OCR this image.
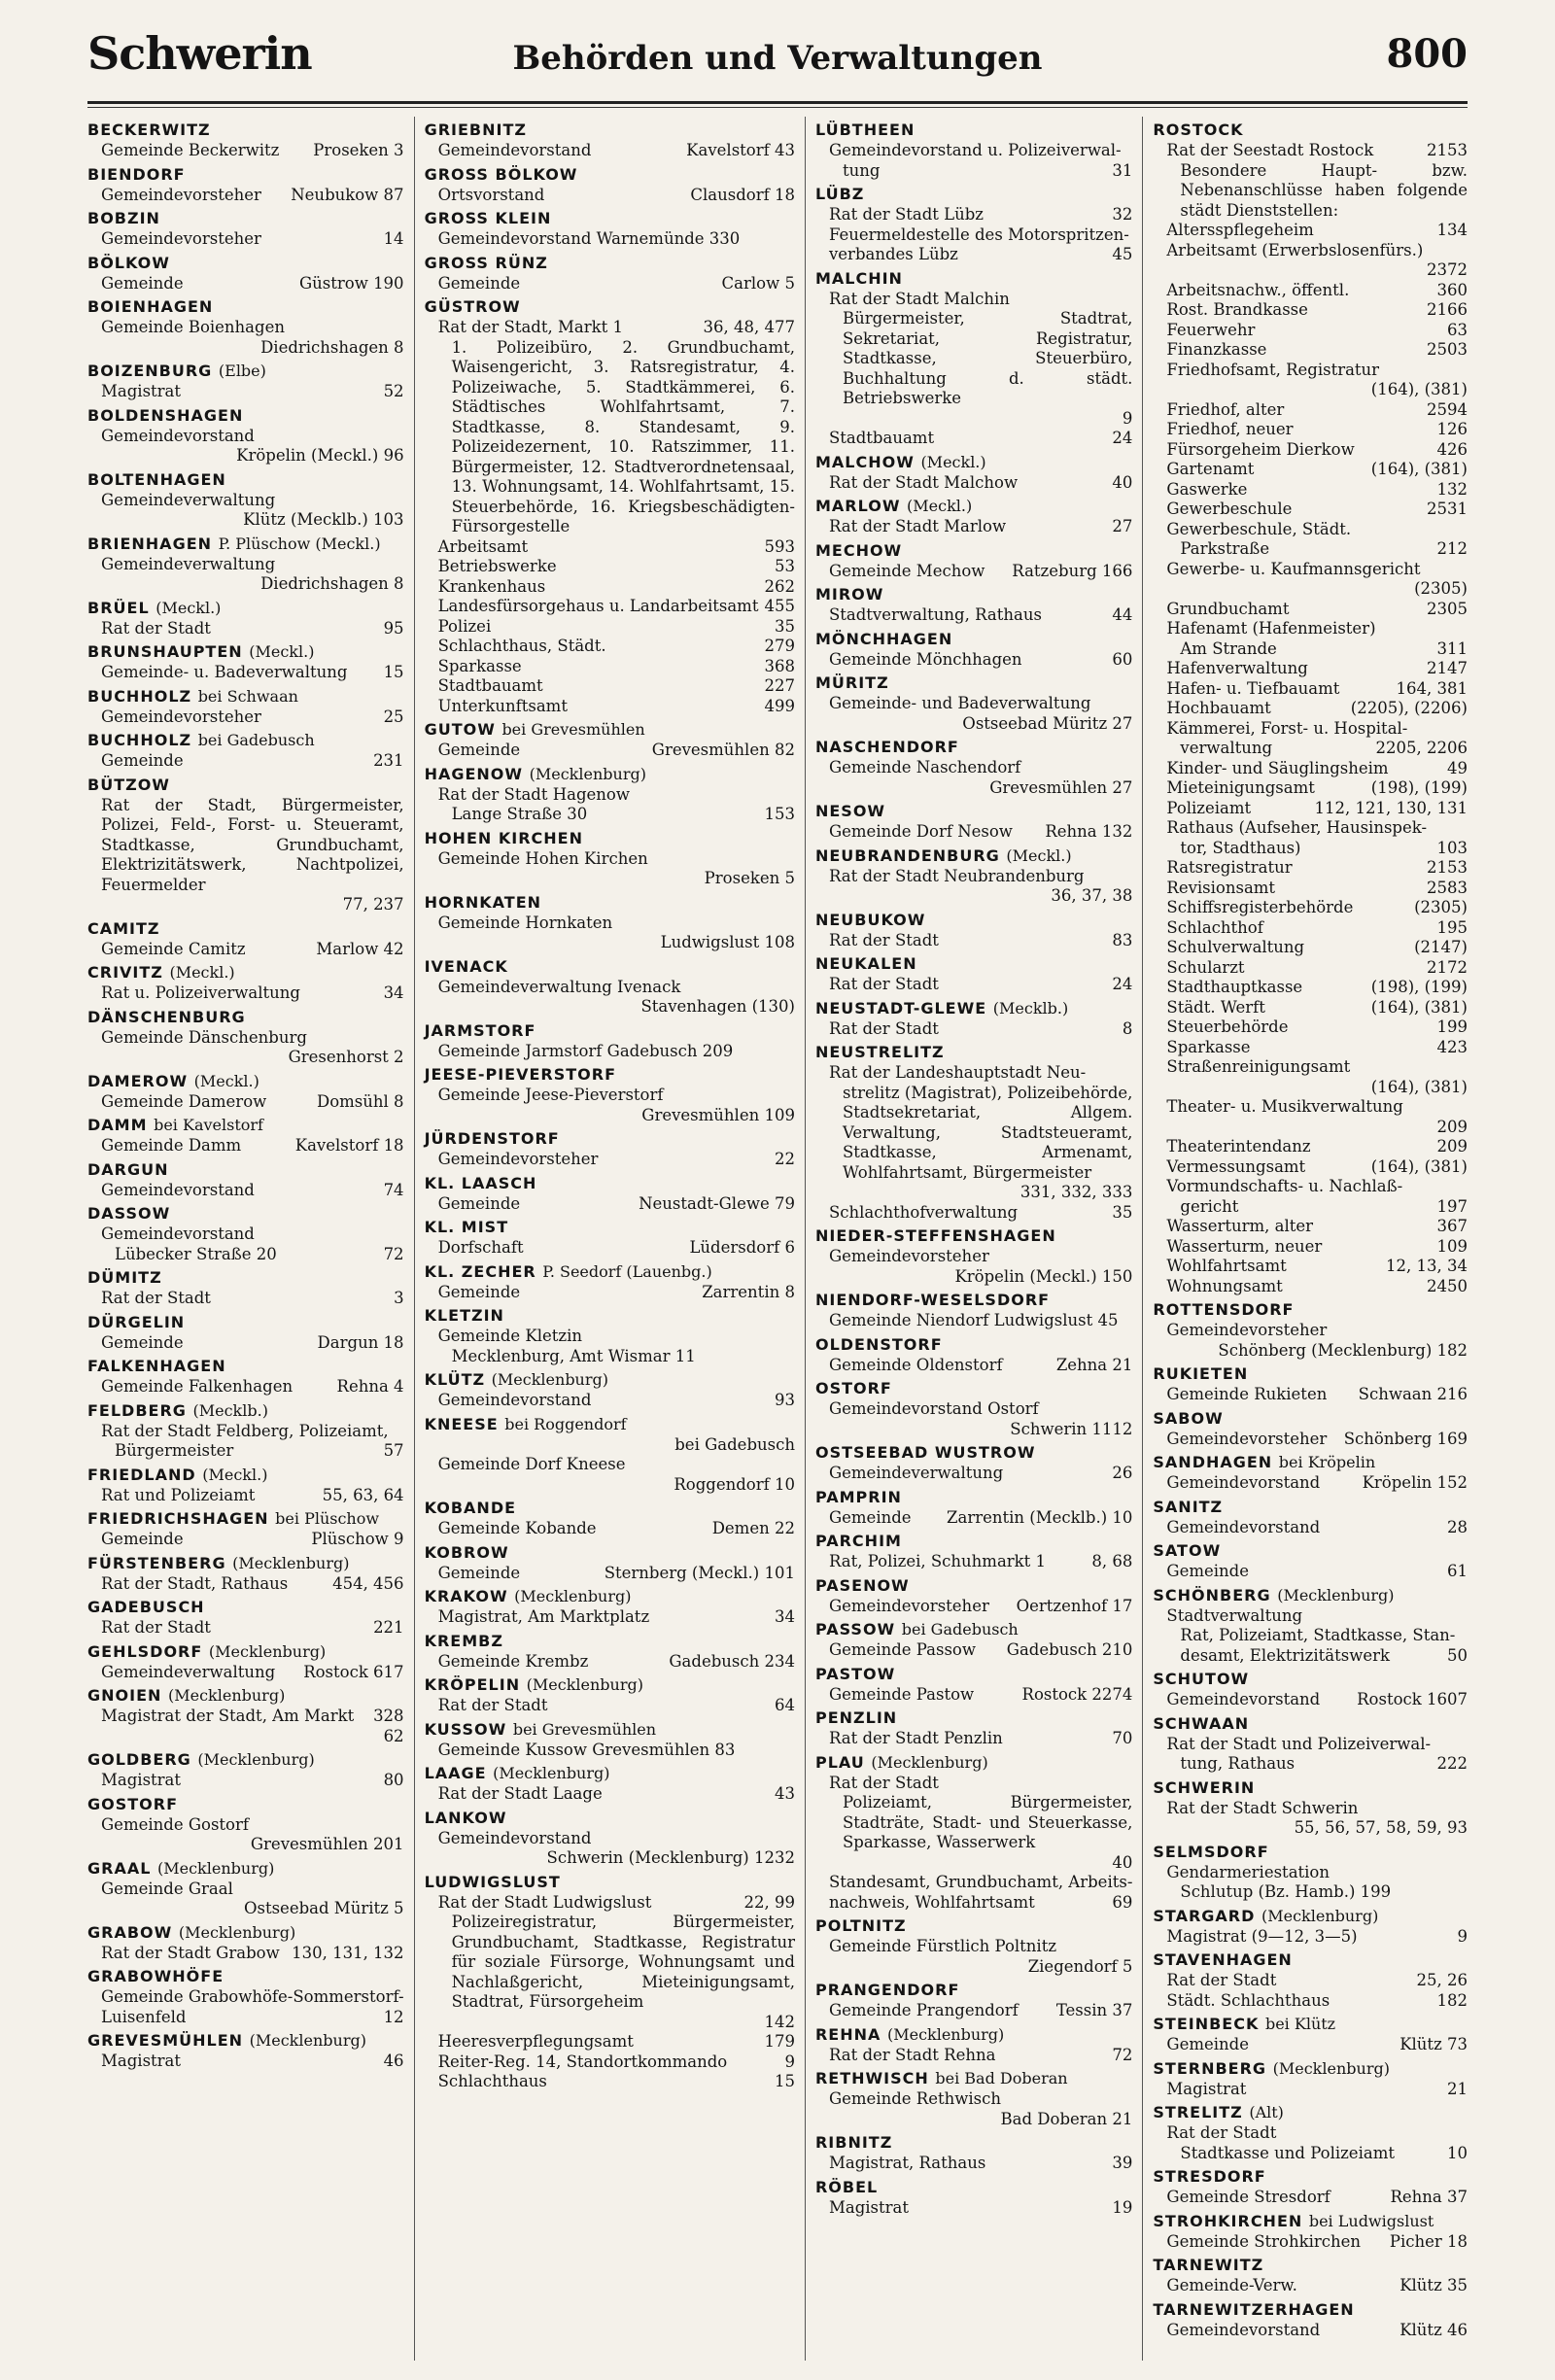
Schwerin	Behörden und Verwaltungen	800
BECKERWITZ
Gemeinde Beckerwitz	Proseken 3
BIENDORF
Gemeindevorsteher	Neubukow 87
BOBZIN
Gemeindevorsteher	14
BÖLKOW
Gemeinde	Güstrow 190
BOIENHAGEN
Gemeinde Boienhagen
Diedrichshagen 8
BOIZENBURG (Elbe)
Magistrat	52
BOLDENSHAGEN
Gemeindevorstand
Kröpelin (Meckl.) 96
BOLTENHAGEN
Gemeindeverwaltung
Klütz (Mecklb.) 103
BRIENHAGEN P. Plüschow (Meckl.)
Gemeindeverwaltung
Diedrichshagen 8
BRÜEL (Meckl.)
Rat der Stadt	95
BRUNSHAUPTEN (Meckl.)
Gemeinde- u. Badeverwaltung	15
BUCHHOLZ bei Schwaan
Gemeindevorsteher	25
BUCHHOLZ bei Gadebusch
Gemeinde	231
BÜTZOW
Rat der Stadt, Bürgermeister, Polizei, Feld-, Forst- u. Steueramt, Stadtkasse, Grundbuchamt, Elektrizitätswerk, Nachtpolizei, Feuermelder
77, 237
CAMITZ
Gemeinde Camitz	Marlow 42
CRIVITZ (Meckl.)
Rat u. Polizeiverwaltung	34
DÄNSCHENBURG
Gemeinde Dänschenburg
Gresenhorst 2
DAMEROW (Meckl.)
Gemeinde Damerow	Domsühl 8
DAMM bei Kavelstorf
Gemeinde Damm	Kavelstorf 18
DARGUN
Gemeindevorstand	74
DASSOW
Gemeindevorstand
Lübecker Straße 20	72
DÜMITZ
Rat der Stadt	3
DÜRGELIN
Gemeinde	Dargun 18
FALKENHAGEN
Gemeinde Falkenhagen	Rehna 4
FELDBERG (Mecklb.)
Rat der Stadt Feldberg, Polizeiamt,
Bürgermeister	57
FRIEDLAND (Meckl.)
Rat und Polizeiamt	55, 63, 64
FRIEDRICHSHAGEN bei Plüschow
Gemeinde	Plüschow 9
FÜRSTENBERG (Mecklenburg)
Rat der Stadt, Rathaus	454, 456
GADEBUSCH
Rat der Stadt	221
GEHLSDORF (Mecklenburg)
Gemeindeverwaltung	Rostock 617
GNOIEN (Mecklenburg)
Magistrat der Stadt, Am Markt	328
62
GOLDBERG (Mecklenburg)
Magistrat	80
GOSTORF
Gemeinde Gostorf
Grevesmühlen 201
GRAAL (Mecklenburg)
Gemeinde Graal
Ostseebad Müritz 5
GRABOW (Mecklenburg)
Rat der Stadt Grabow 130, 131, 132
GRABOWHÖFE
Gemeinde Grabowhöfe-Sommerstorf-
Luisenfeld	12
GREVESMÜHLEN (Mecklenburg)
Magistrat	46
GRIEBNITZ
Gemeindevorstand	Kavelstorf 43
GROSS BÖLKOW
Ortsvorstand	Clausdorf 18
GROSS KLEIN
Gemeindevorstand Warnemünde 330
GROSS RÜNZ
Gemeinde	Carlow 5
GÜSTROW
Rat der Stadt, Markt 1	36, 48, 477
1. Polizeibüro, 2. Grundbuchamt, Waisengericht, 3. Ratsregistratur, 4. Polizeiwache, 5. Stadtkämmerei, 6. Städtisches Wohlfahrtsamt, 7. Stadtkasse, 8. Standesamt, 9. Polizeidezernent, 10. Ratszimmer, 11. Bürgermeister, 12. Stadtverordnetensaal, 13. Wohnungsamt, 14. Wohlfahrtsamt, 15. Steuerbehörde, 16. Kriegsbeschädigten-Fürsorgestelle
Arbeitsamt	593
Betriebswerke	53
Krankenhaus	262
Landesfürsorgehaus u. Landarbeitsamt 455
Polizei	35
Schlachthaus, Städt.	279
Sparkasse	368
Stadtbauamt	227
Unterkunftsamt	499
GUTOW bei Grevesmühlen
Gemeinde	Grevesmühlen 82
HAGENOW (Mecklenburg)
Rat der Stadt Hagenow
Lange Straße 30	153
HOHEN KIRCHEN
Gemeinde Hohen Kirchen
Proseken 5
HORNKATEN
Gemeinde Hornkaten
Ludwigslust 108
IVENACK
Gemeindeverwaltung Ivenack
Stavenhagen (130)
JARMSTORF
Gemeinde Jarmstorf Gadebusch 209
JEESE-PIEVERSTORF
Gemeinde Jeese-Pieverstorf
Grevesmühlen 109
JÜRDENSTORF
Gemeindevorsteher	22
KL. LAASCH
Gemeinde	Neustadt-Glewe 79
KL. MIST
Dorfschaft	Lüdersdorf 6
KL. ZECHER P. Seedorf (Lauenbg.)
Gemeinde	Zarrentin 8
KLETZIN
Gemeinde Kletzin
Mecklenburg, Amt Wismar 11
KLÜTZ (Mecklenburg)
Gemeindevorstand	93
KNEESE bei Roggendorf
bei Gadebusch
Gemeinde Dorf Kneese
Roggendorf 10
KOBANDE
Gemeinde Kobande	Demen 22
KOBROW
Gemeinde	Sternberg (Meckl.) 101
KRAKOW (Mecklenburg)
Magistrat, Am Marktplatz	34
KREMBZ
Gemeinde Krembz	Gadebusch 234
KRÖPELIN (Mecklenburg)
Rat der Stadt	64
KUSSOW bei Grevesmühlen
Gemeinde Kussow Grevesmühlen 83
LAAGE (Mecklenburg)
Rat der Stadt Laage	43
LANKOW
Gemeindevorstand
Schwerin (Mecklenburg) 1232
LUDWIGSLUST
Rat der Stadt Ludwigslust	22, 99
Polizeiregistratur, Bürgermeister, Grundbuchamt, Stadtkasse, Registratur für soziale Fürsorge, Wohnungsamt und Nachlaßgericht, Mieteinigungsamt, Stadtrat, Fürsorgeheim
142
Heeresverpflegungsamt	179
Reiter-Reg. 14, Standortkommando	9
Schlachthaus	15
LÜBTHEEN
Gemeindevorstand u. Polizeiverwal-
tung	31
LÜBZ
Rat der Stadt Lübz	32
Feuermeldestelle des Motorspritzen-
verbandes Lübz	45
MALCHIN
Rat der Stadt Malchin
Bürgermeister, Stadtrat, Sekretariat, Registratur, Stadtkasse, Steuerbüro, Buchhaltung d. städt. Betriebswerke
9
Stadtbauamt	24
MALCHOW (Meckl.)
Rat der Stadt Malchow	40
MARLOW (Meckl.)
Rat der Stadt Marlow	27
MECHOW
Gemeinde Mechow	Ratzeburg 166
MIROW
Stadtverwaltung, Rathaus	44
MÖNCHHAGEN
Gemeinde Mönchhagen	60
MÜRITZ
Gemeinde- und Badeverwaltung
Ostseebad Müritz 27
NASCHENDORF
Gemeinde Naschendorf
Grevesmühlen 27
NESOW
Gemeinde Dorf Nesow	Rehna 132
NEUBRANDENBURG (Meckl.)
Rat der Stadt Neubrandenburg
36, 37, 38
NEUBUKOW
Rat der Stadt	83
NEUKALEN
Rat der Stadt	24
NEUSTADT-GLEWE (Mecklb.)
Rat der Stadt	8
NEUSTRELITZ
Rat der Landeshauptstadt Neu-
strelitz (Magistrat), Polizeibehörde, Stadtsekretariat, Allgem. Verwaltung, Stadtsteueramt, Stadtkasse, Armenamt, Wohlfahrtsamt, Bürgermeister
331, 332, 333
Schlachthofverwaltung	35
NIEDER-STEFFENSHAGEN
Gemeindevorsteher
Kröpelin (Meckl.) 150
NIENDORF-WESELSDORF
Gemeinde Niendorf Ludwigslust 45
OLDENSTORF
Gemeinde Oldenstorf	Zehna 21
OSTORF
Gemeindevorstand Ostorf
Schwerin 1112
OSTSEEBAD WUSTROW
Gemeindeverwaltung	26
PAMPRIN
Gemeinde	Zarrentin (Mecklb.) 10
PARCHIM
Rat, Polizei, Schuhmarkt 1	8, 68
PASENOW
Gemeindevorsteher	Oertzenhof 17
PASSOW bei Gadebusch
Gemeinde Passow	Gadebusch 210
PASTOW
Gemeinde Pastow	Rostock 2274
PENZLIN
Rat der Stadt Penzlin	70
PLAU (Mecklenburg)
Rat der Stadt
Polizeiamt, Bürgermeister, Stadträte, Stadt- und Steuerkasse, Sparkasse, Wasserwerk
40
Standesamt, Grundbuchamt, Arbeits-
nachweis, Wohlfahrtsamt	69
POLTNITZ
Gemeinde Fürstlich Poltnitz
Ziegendorf 5
PRANGENDORF
Gemeinde Prangendorf	Tessin 37
REHNA (Mecklenburg)
Rat der Stadt Rehna	72
RETHWISCH bei Bad Doberan
Gemeinde Rethwisch
Bad Doberan 21
RIBNITZ
Magistrat, Rathaus	39
RÖBEL
Magistrat	19
ROSTOCK
Rat der Seestadt Rostock	2153
Besondere Haupt- bzw. Nebenanschlüsse haben folgende städt Dienststellen:
Altersspflegeheim	134
Arbeitsamt (Erwerbslosenfürs.)
2372
Arbeitsnachw., öffentl.	360
Rost. Brandkasse	2166
Feuerwehr	63
Finanzkasse	2503
Friedhofsamt, Registratur
(164), (381)
Friedhof, alter	2594
Friedhof, neuer	126
Fürsorgeheim Dierkow	426
Gartenamt	(164), (381)
Gaswerke	132
Gewerbeschule	2531
Gewerbeschule, Städt.
Parkstraße	212
Gewerbe- u. Kaufmannsgericht
(2305)
Grundbuchamt	2305
Hafenamt (Hafenmeister)
Am Strande	311
Hafenverwaltung	2147
Hafen- u. Tiefbauamt	164, 381
Hochbauamt	(2205), (2206)
Kämmerei, Forst- u. Hospital-
verwaltung	2205, 2206
Kinder- und Säuglingsheim	49
Mieteinigungsamt	(198), (199)
Polizeiamt	112, 121, 130, 131
Rathaus (Aufseher, Hausinspek-
tor, Stadthaus)	103
Ratsregistratur	2153
Revisionsamt	2583
Schiffsregisterbehörde	(2305)
Schlachthof	195
Schulverwaltung	(2147)
Schularzt	2172
Stadthauptkasse	(198), (199)
Städt. Werft	(164), (381)
Steuerbehörde	199
Sparkasse	423
Straßenreinigungsamt
(164), (381)
Theater- u. Musikverwaltung
209
Theaterintendanz	209
Vermessungsamt	(164), (381)
Vormundschafts- u. Nachlaß-
gericht	197
Wasserturm, alter	367
Wasserturm, neuer	109
Wohlfahrtsamt	12, 13, 34
Wohnungsamt	2450
ROTTENSDORF
Gemeindevorsteher
Schönberg (Mecklenburg) 182
RUKIETEN
Gemeinde Rukieten	Schwaan 216
SABOW
Gemeindevorsteher	Schönberg 169
SANDHAGEN bei Kröpelin
Gemeindevorstand	Kröpelin 152
SANITZ
Gemeindevorstand	28
SATOW
Gemeinde	61
SCHÖNBERG (Mecklenburg)
Stadtverwaltung
Rat, Polizeiamt, Stadtkasse, Stan-
desamt, Elektrizitätswerk	50
SCHUTOW
Gemeindevorstand	Rostock 1607
SCHWAAN
Rat der Stadt und Polizeiverwal-
tung, Rathaus	222
SCHWERIN
Rat der Stadt Schwerin
55, 56, 57, 58, 59, 93
SELMSDORF
Gendarmeriestation
Schlutup (Bz. Hamb.) 199
STARGARD (Mecklenburg)
Magistrat (9—12, 3—5)	9
STAVENHAGEN
Rat der Stadt	25, 26
Städt. Schlachthaus	182
STEINBECK bei Klütz
Gemeinde	Klütz 73
STERNBERG (Mecklenburg)
Magistrat	21
STRELITZ (Alt)
Rat der Stadt
Stadtkasse und Polizeiamt	10
STRESDORF
Gemeinde Stresdorf	Rehna 37
STROHKIRCHEN bei Ludwigslust
Gemeinde Strohkirchen	Picher 18
TARNEWITZ
Gemeinde-Verw.	Klütz 35
TARNEWITZERHAGEN
Gemeindevorstand	Klütz 46
